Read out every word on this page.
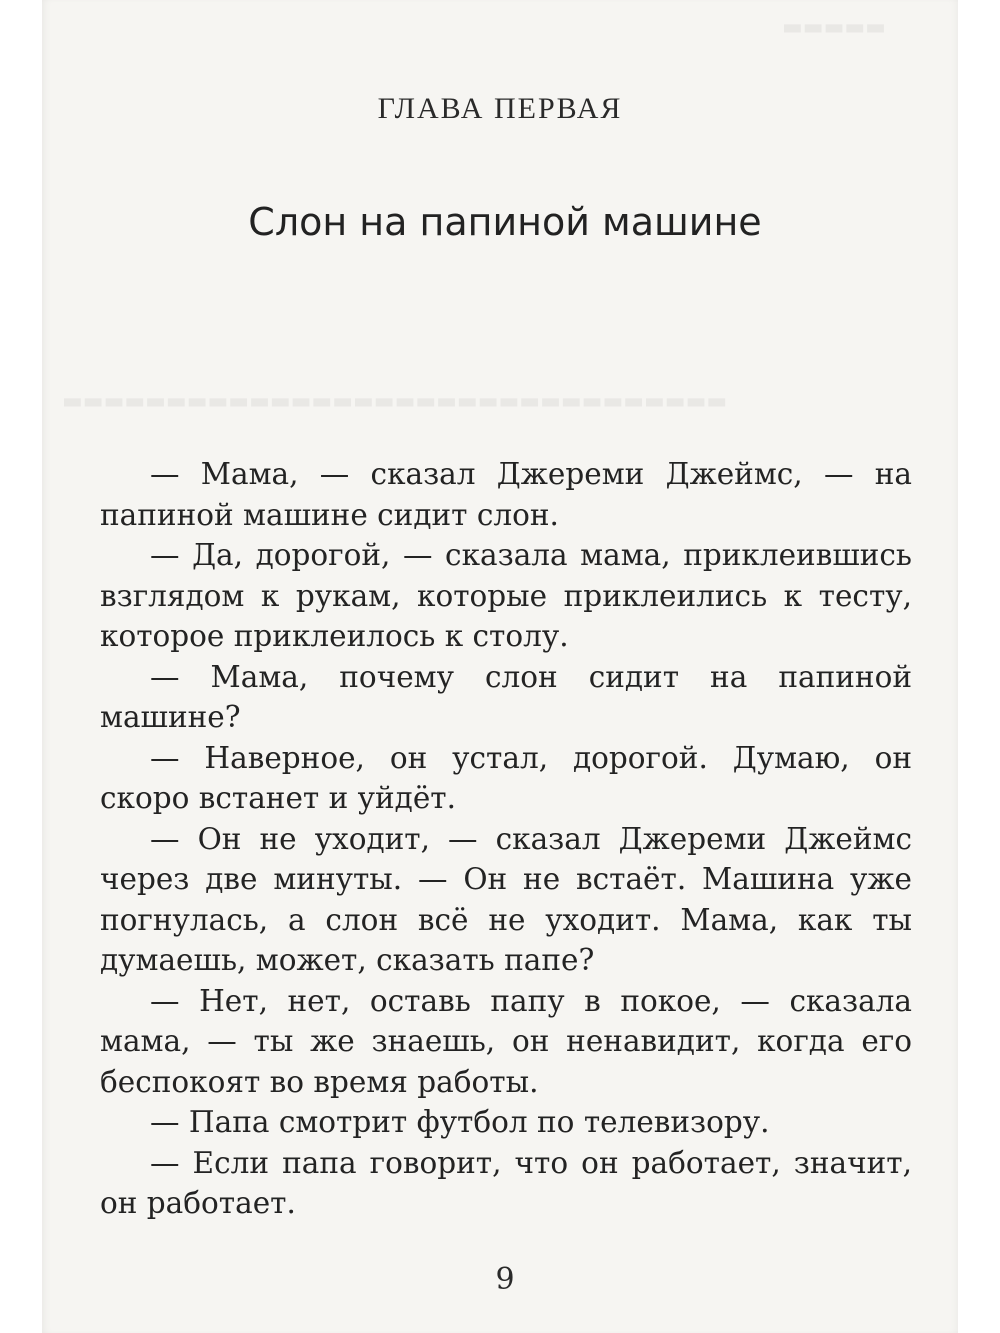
▬▬▬▬▬
▬▬▬▬▬▬▬▬▬▬▬▬▬▬▬▬▬▬▬▬▬▬▬▬▬▬▬▬▬▬▬▬
ГЛАВА ПЕРВАЯ
Слон на папиной машине

— Мама, — сказал Джереми Джеймс, — на папиной машине сидит слон.

— Да, дорогой, — сказала мама, приклеившись взглядом к рукам, которые приклеились к тесту, которое приклеилось к столу.

— Мама, почему слон сидит на папиной машине?

— Наверное, он устал, дорогой. Думаю, он скоро встанет и уйдёт.

— Он не уходит, — сказал Джереми Джеймс через две минуты. — Он не встаёт. Машина уже погнулась, а слон всё не уходит. Мама, как ты думаешь, может, сказать папе?

— Нет, нет, оставь папу в покое, — сказала мама, — ты же знаешь, он ненавидит, когда его беспокоят во время работы.

— Папа смотрит футбол по телевизору.

— Если папа говорит, что он работает, значит, он работает.

9
